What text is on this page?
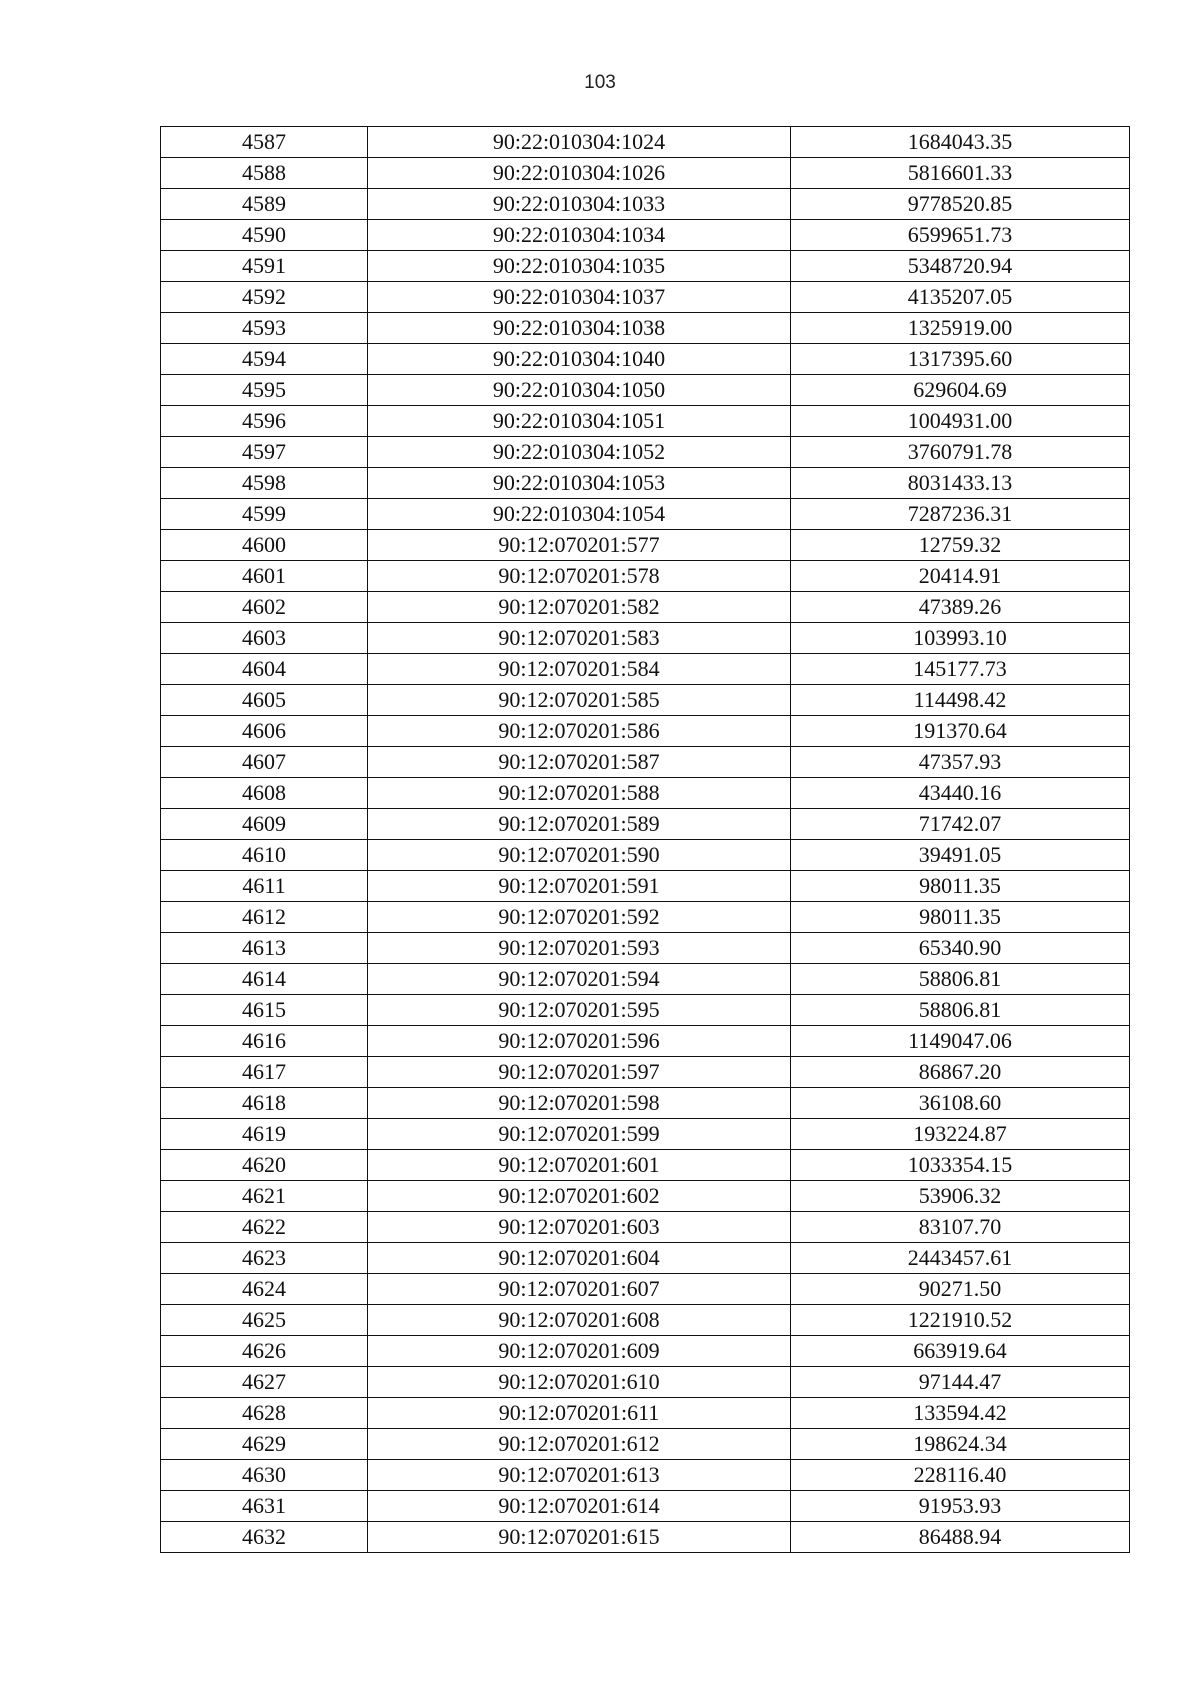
103
4587	90:22:010304:1024	1684043.35
4588	90:22:010304:1026	5816601.33
4589	90:22:010304:1033	9778520.85
4590	90:22:010304:1034	6599651.73
4591	90:22:010304:1035	5348720.94
4592	90:22:010304:1037	4135207.05
4593	90:22:010304:1038	1325919.00
4594	90:22:010304:1040	1317395.60
4595	90:22:010304:1050	629604.69
4596	90:22:010304:1051	1004931.00
4597	90:22:010304:1052	3760791.78
4598	90:22:010304:1053	8031433.13
4599	90:22:010304:1054	7287236.31
4600	90:12:070201:577	12759.32
4601	90:12:070201:578	20414.91
4602	90:12:070201:582	47389.26
4603	90:12:070201:583	103993.10
4604	90:12:070201:584	145177.73
4605	90:12:070201:585	114498.42
4606	90:12:070201:586	191370.64
4607	90:12:070201:587	47357.93
4608	90:12:070201:588	43440.16
4609	90:12:070201:589	71742.07
4610	90:12:070201:590	39491.05
4611	90:12:070201:591	98011.35
4612	90:12:070201:592	98011.35
4613	90:12:070201:593	65340.90
4614	90:12:070201:594	58806.81
4615	90:12:070201:595	58806.81
4616	90:12:070201:596	1149047.06
4617	90:12:070201:597	86867.20
4618	90:12:070201:598	36108.60
4619	90:12:070201:599	193224.87
4620	90:12:070201:601	1033354.15
4621	90:12:070201:602	53906.32
4622	90:12:070201:603	83107.70
4623	90:12:070201:604	2443457.61
4624	90:12:070201:607	90271.50
4625	90:12:070201:608	1221910.52
4626	90:12:070201:609	663919.64
4627	90:12:070201:610	97144.47
4628	90:12:070201:611	133594.42
4629	90:12:070201:612	198624.34
4630	90:12:070201:613	228116.40
4631	90:12:070201:614	91953.93
4632	90:12:070201:615	86488.94
